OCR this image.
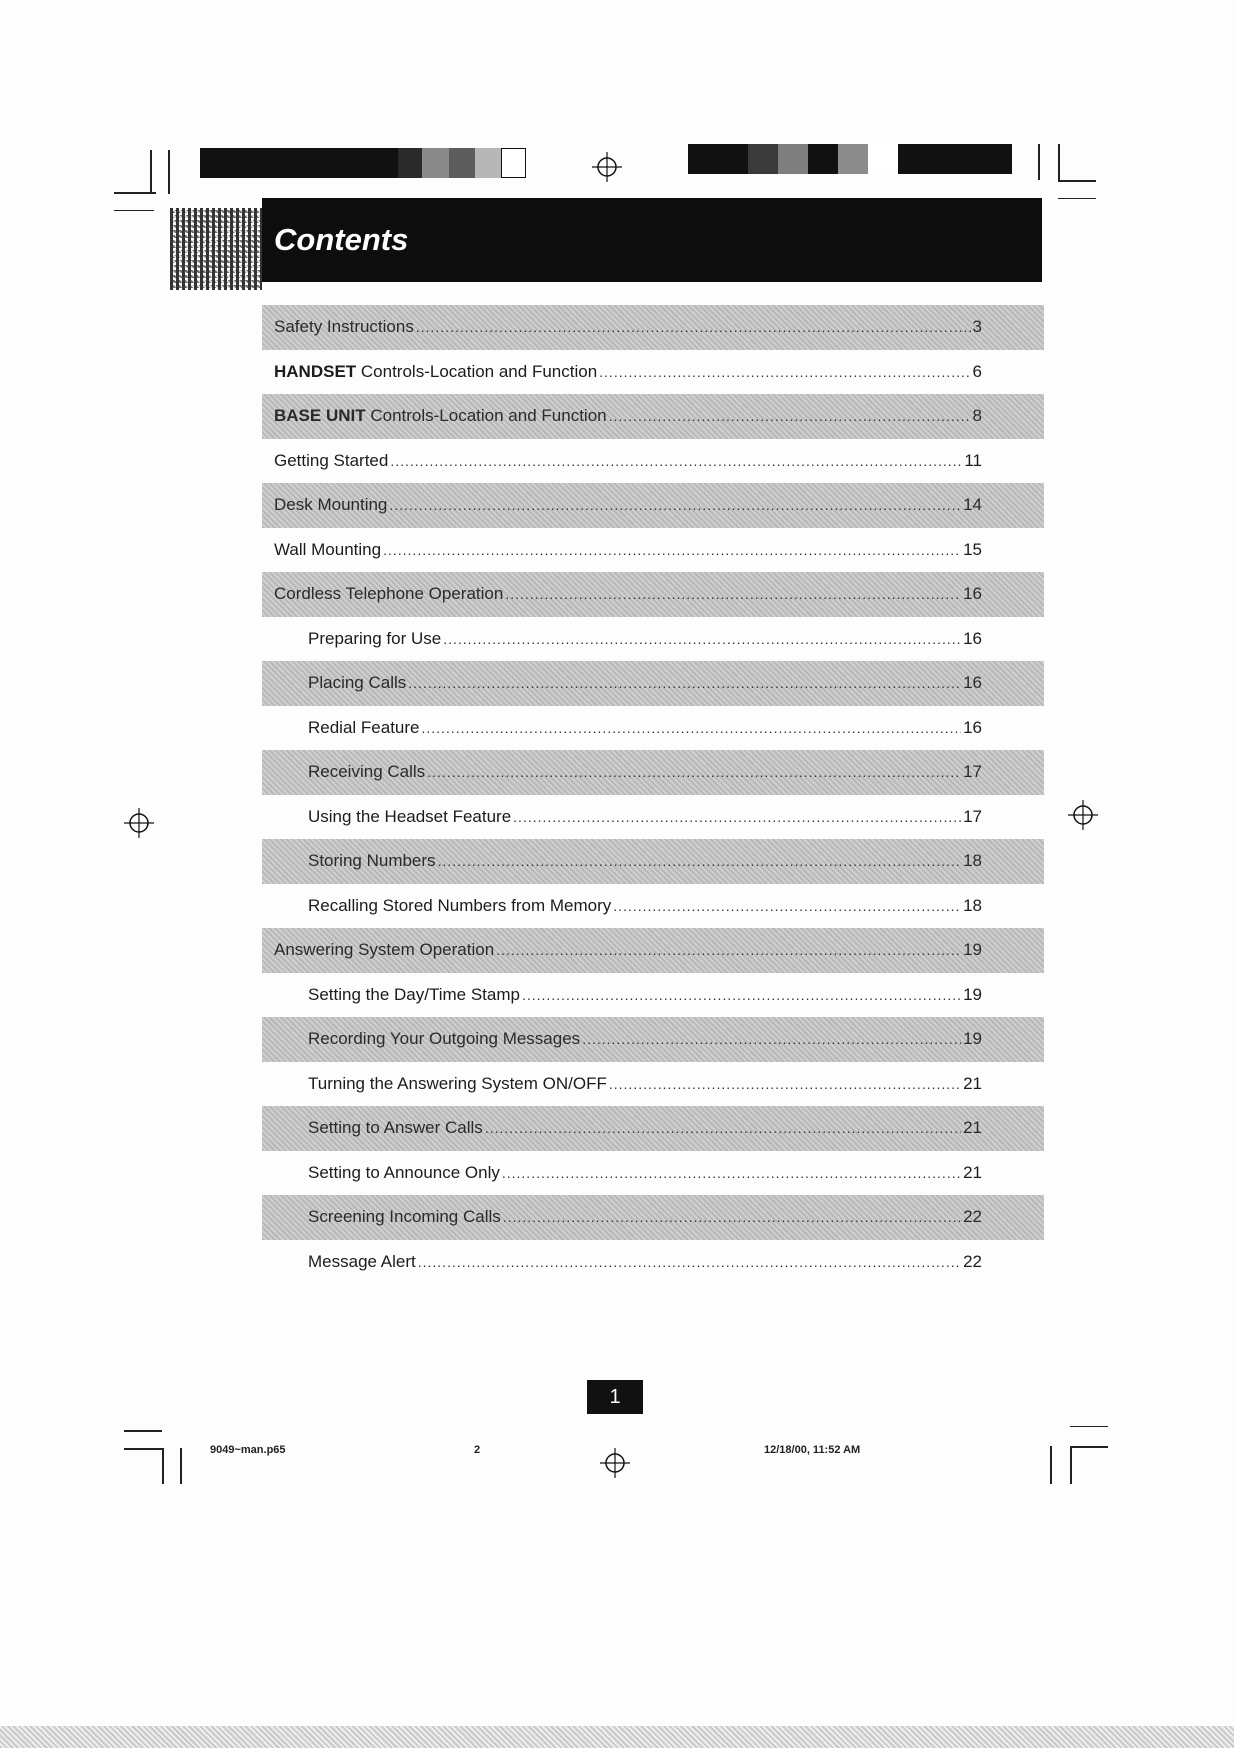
Contents
Safety Instructions .....	3
HANDSET Controls-Location and Function .....	6
BASE UNIT Controls-Location and Function .....	8
Getting Started .....	11
Desk Mounting .....	14
Wall Mounting .....	15
Cordless Telephone Operation .....	16
Preparing for Use .....	16
Placing Calls .....	16
Redial Feature .....	16
Receiving Calls .....	17
Using the Headset Feature .....	17
Storing Numbers .....	18
Recalling Stored Numbers from Memory .....	18
Answering System Operation .....	19
Setting the Day/Time Stamp .....	19
Recording Your Outgoing Messages .....	19
Turning the Answering System ON/OFF .....	21
Setting to Answer Calls .....	21
Setting to Announce Only .....	21
Screening Incoming Calls .....	22
Message Alert .....	22
1
9049~man.p65	2	12/18/00, 11:52 AM
